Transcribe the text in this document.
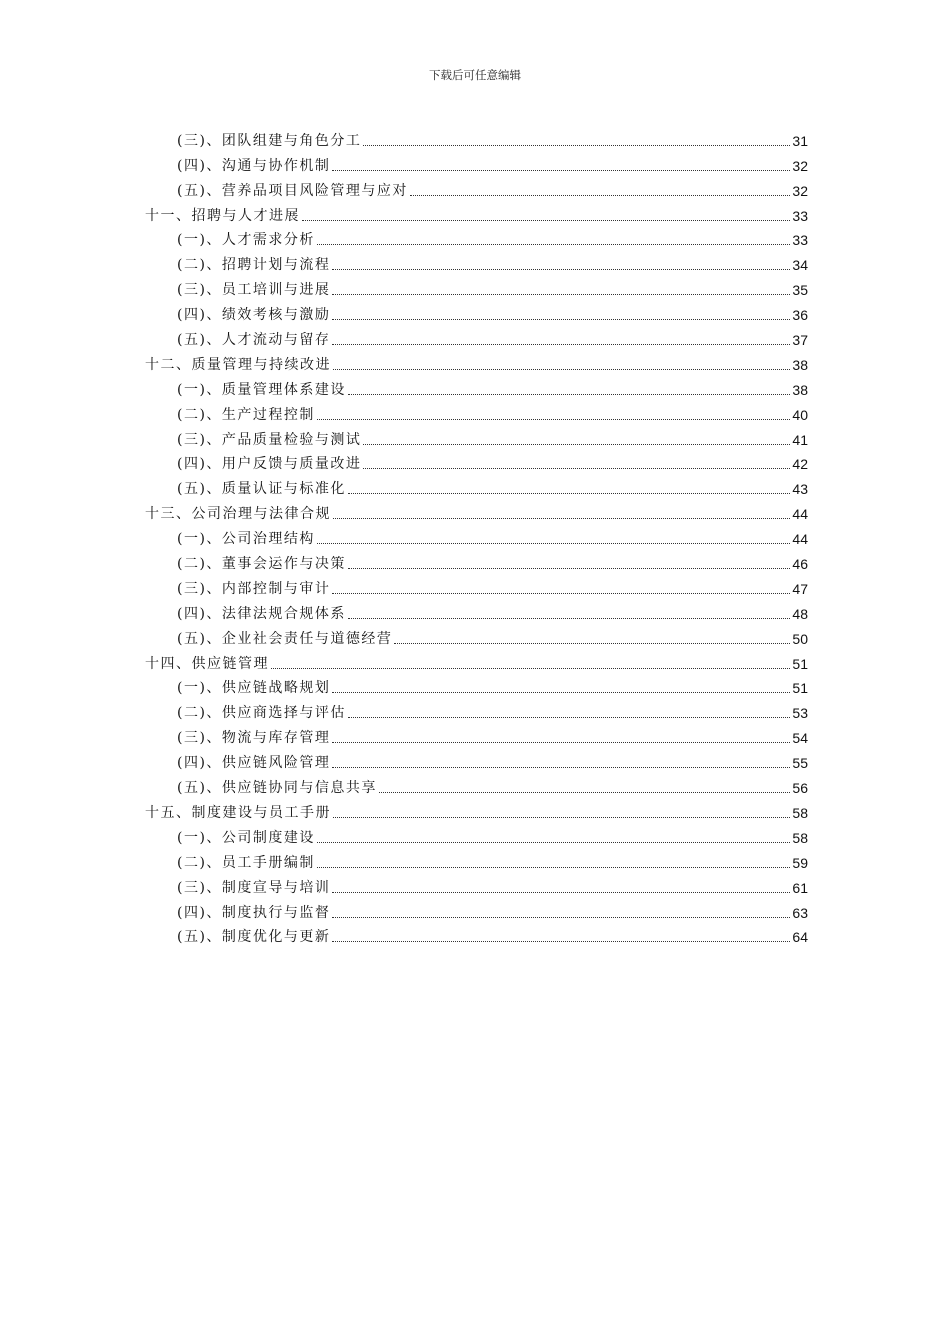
下载后可任意编辑
(三)、团队组建与角色分工	31
(四)、沟通与协作机制	32
(五)、营养品项目风险管理与应对	32
十一、招聘与人才进展	33
(一)、人才需求分析	33
(二)、招聘计划与流程	34
(三)、员工培训与进展	35
(四)、绩效考核与激励	36
(五)、人才流动与留存	37
十二、质量管理与持续改进	38
(一)、质量管理体系建设	38
(二)、生产过程控制	40
(三)、产品质量检验与测试	41
(四)、用户反馈与质量改进	42
(五)、质量认证与标准化	43
十三、公司治理与法律合规	44
(一)、公司治理结构	44
(二)、董事会运作与决策	46
(三)、内部控制与审计	47
(四)、法律法规合规体系	48
(五)、企业社会责任与道德经营	50
十四、供应链管理	51
(一)、供应链战略规划	51
(二)、供应商选择与评估	53
(三)、物流与库存管理	54
(四)、供应链风险管理	55
(五)、供应链协同与信息共享	56
十五、制度建设与员工手册	58
(一)、公司制度建设	58
(二)、员工手册编制	59
(三)、制度宣导与培训	61
(四)、制度执行与监督	63
(五)、制度优化与更新	64
